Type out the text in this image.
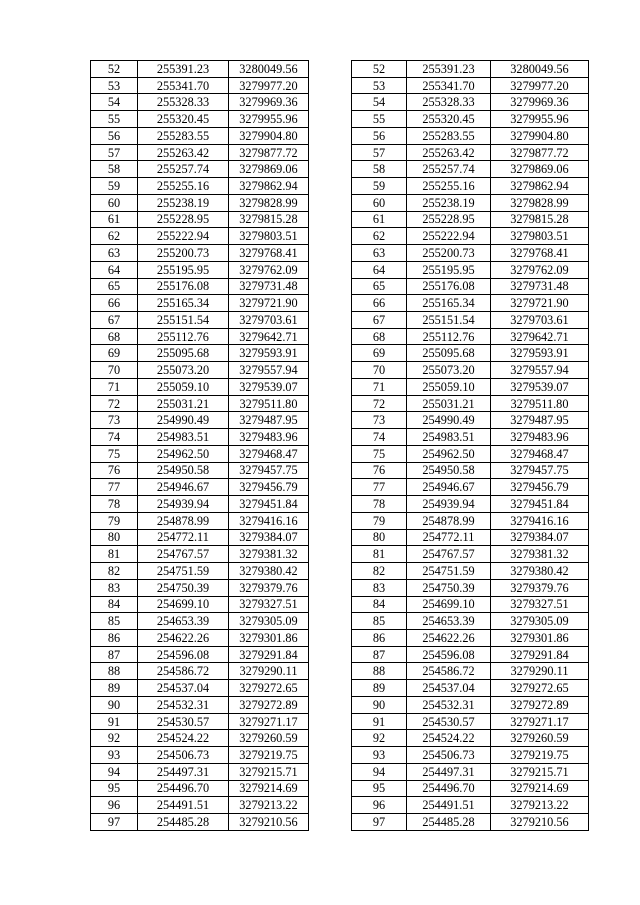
52	255391.23	3280049.56
53	255341.70	3279977.20
54	255328.33	3279969.36
55	255320.45	3279955.96
56	255283.55	3279904.80
57	255263.42	3279877.72
58	255257.74	3279869.06
59	255255.16	3279862.94
60	255238.19	3279828.99
61	255228.95	3279815.28
62	255222.94	3279803.51
63	255200.73	3279768.41
64	255195.95	3279762.09
65	255176.08	3279731.48
66	255165.34	3279721.90
67	255151.54	3279703.61
68	255112.76	3279642.71
69	255095.68	3279593.91
70	255073.20	3279557.94
71	255059.10	3279539.07
72	255031.21	3279511.80
73	254990.49	3279487.95
74	254983.51	3279483.96
75	254962.50	3279468.47
76	254950.58	3279457.75
77	254946.67	3279456.79
78	254939.94	3279451.84
79	254878.99	3279416.16
80	254772.11	3279384.07
81	254767.57	3279381.32
82	254751.59	3279380.42
83	254750.39	3279379.76
84	254699.10	3279327.51
85	254653.39	3279305.09
86	254622.26	3279301.86
87	254596.08	3279291.84
88	254586.72	3279290.11
89	254537.04	3279272.65
90	254532.31	3279272.89
91	254530.57	3279271.17
92	254524.22	3279260.59
93	254506.73	3279219.75
94	254497.31	3279215.71
95	254496.70	3279214.69
96	254491.51	3279213.22
97	254485.28	3279210.56
52	255391.23	3280049.56
53	255341.70	3279977.20
54	255328.33	3279969.36
55	255320.45	3279955.96
56	255283.55	3279904.80
57	255263.42	3279877.72
58	255257.74	3279869.06
59	255255.16	3279862.94
60	255238.19	3279828.99
61	255228.95	3279815.28
62	255222.94	3279803.51
63	255200.73	3279768.41
64	255195.95	3279762.09
65	255176.08	3279731.48
66	255165.34	3279721.90
67	255151.54	3279703.61
68	255112.76	3279642.71
69	255095.68	3279593.91
70	255073.20	3279557.94
71	255059.10	3279539.07
72	255031.21	3279511.80
73	254990.49	3279487.95
74	254983.51	3279483.96
75	254962.50	3279468.47
76	254950.58	3279457.75
77	254946.67	3279456.79
78	254939.94	3279451.84
79	254878.99	3279416.16
80	254772.11	3279384.07
81	254767.57	3279381.32
82	254751.59	3279380.42
83	254750.39	3279379.76
84	254699.10	3279327.51
85	254653.39	3279305.09
86	254622.26	3279301.86
87	254596.08	3279291.84
88	254586.72	3279290.11
89	254537.04	3279272.65
90	254532.31	3279272.89
91	254530.57	3279271.17
92	254524.22	3279260.59
93	254506.73	3279219.75
94	254497.31	3279215.71
95	254496.70	3279214.69
96	254491.51	3279213.22
97	254485.28	3279210.56
